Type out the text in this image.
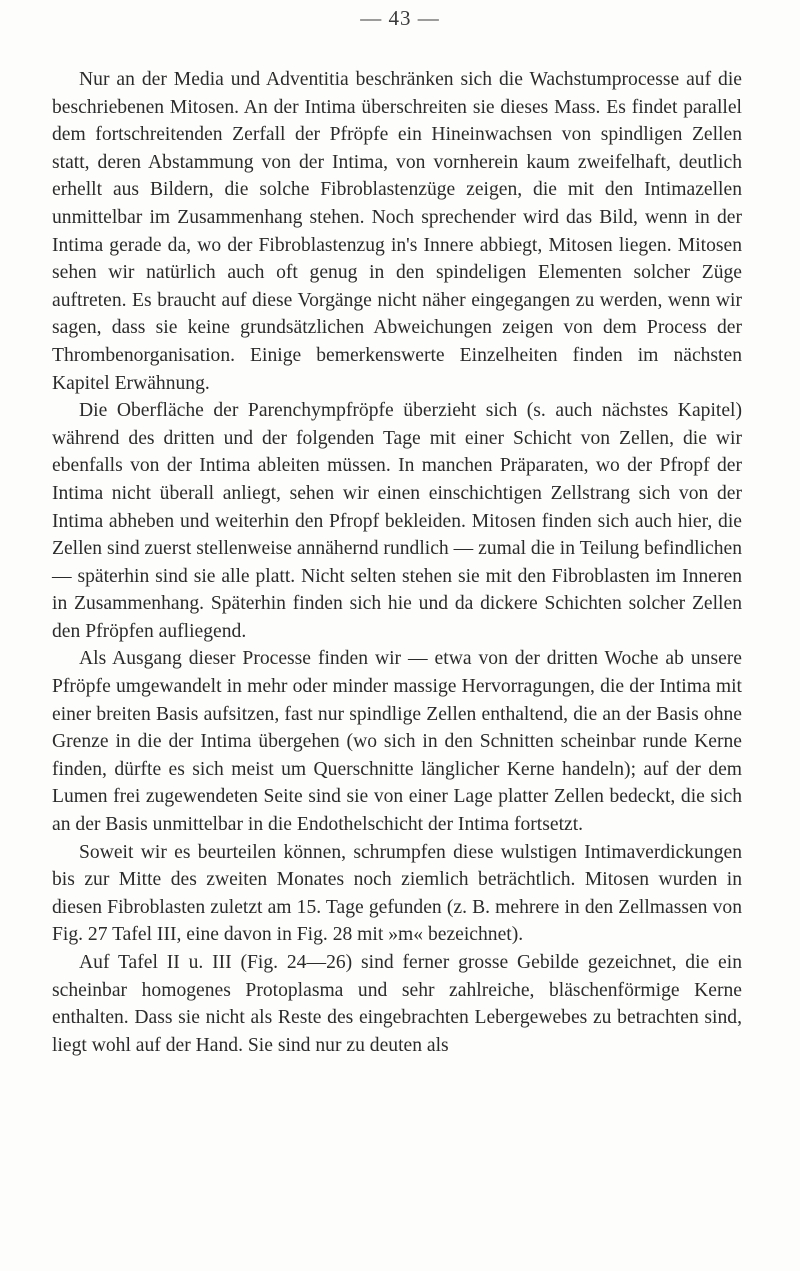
— 43 —

Nur an der Media und Adventitia beschränken sich die Wachstumprocesse auf die beschriebenen Mitosen. An der Intima überschreiten sie dieses Mass. Es findet parallel dem fortschreitenden Zerfall der Pfröpfe ein Hineinwachsen von spindligen Zellen statt, deren Abstammung von der Intima, von vornherein kaum zweifelhaft, deutlich erhellt aus Bildern, die solche Fibroblastenzüge zeigen, die mit den Intimazellen unmittelbar im Zusammenhang stehen. Noch sprechender wird das Bild, wenn in der Intima gerade da, wo der Fibroblastenzug in's Innere abbiegt, Mitosen liegen. Mitosen sehen wir natürlich auch oft genug in den spindeligen Elementen solcher Züge auftreten. Es braucht auf diese Vorgänge nicht näher eingegangen zu werden, wenn wir sagen, dass sie keine grundsätzlichen Abweichungen zeigen von dem Process der Thrombenorganisation. Einige bemerkenswerte Einzelheiten finden im nächsten Kapitel Erwähnung.

Die Oberfläche der Parenchympfröpfe überzieht sich (s. auch nächstes Kapitel) während des dritten und der folgenden Tage mit einer Schicht von Zellen, die wir ebenfalls von der Intima ableiten müssen. In manchen Präparaten, wo der Pfropf der Intima nicht überall anliegt, sehen wir einen einschichtigen Zellstrang sich von der Intima abheben und weiterhin den Pfropf bekleiden. Mitosen finden sich auch hier, die Zellen sind zuerst stellenweise annähernd rundlich — zumal die in Teilung befindlichen — späterhin sind sie alle platt. Nicht selten stehen sie mit den Fibroblasten im Inneren in Zusammenhang. Späterhin finden sich hie und da dickere Schichten solcher Zellen den Pfröpfen aufliegend.

Als Ausgang dieser Processe finden wir — etwa von der dritten Woche ab unsere Pfröpfe umgewandelt in mehr oder minder massige Hervorragungen, die der Intima mit einer breiten Basis aufsitzen, fast nur spindlige Zellen enthaltend, die an der Basis ohne Grenze in die der Intima übergehen (wo sich in den Schnitten scheinbar runde Kerne finden, dürfte es sich meist um Querschnitte länglicher Kerne handeln); auf der dem Lumen frei zugewendeten Seite sind sie von einer Lage platter Zellen bedeckt, die sich an der Basis unmittelbar in die Endothelschicht der Intima fortsetzt.

Soweit wir es beurteilen können, schrumpfen diese wulstigen Intimaverdickungen bis zur Mitte des zweiten Monates noch ziemlich beträchtlich. Mitosen wurden in diesen Fibroblasten zuletzt am 15. Tage gefunden (z. B. mehrere in den Zellmassen von Fig. 27 Tafel III, eine davon in Fig. 28 mit »m« bezeichnet).

Auf Tafel II u. III (Fig. 24—26) sind ferner grosse Gebilde gezeichnet, die ein scheinbar homogenes Protoplasma und sehr zahlreiche, bläschenförmige Kerne enthalten. Dass sie nicht als Reste des eingebrachten Lebergewebes zu betrachten sind, liegt wohl auf der Hand. Sie sind nur zu deuten als
